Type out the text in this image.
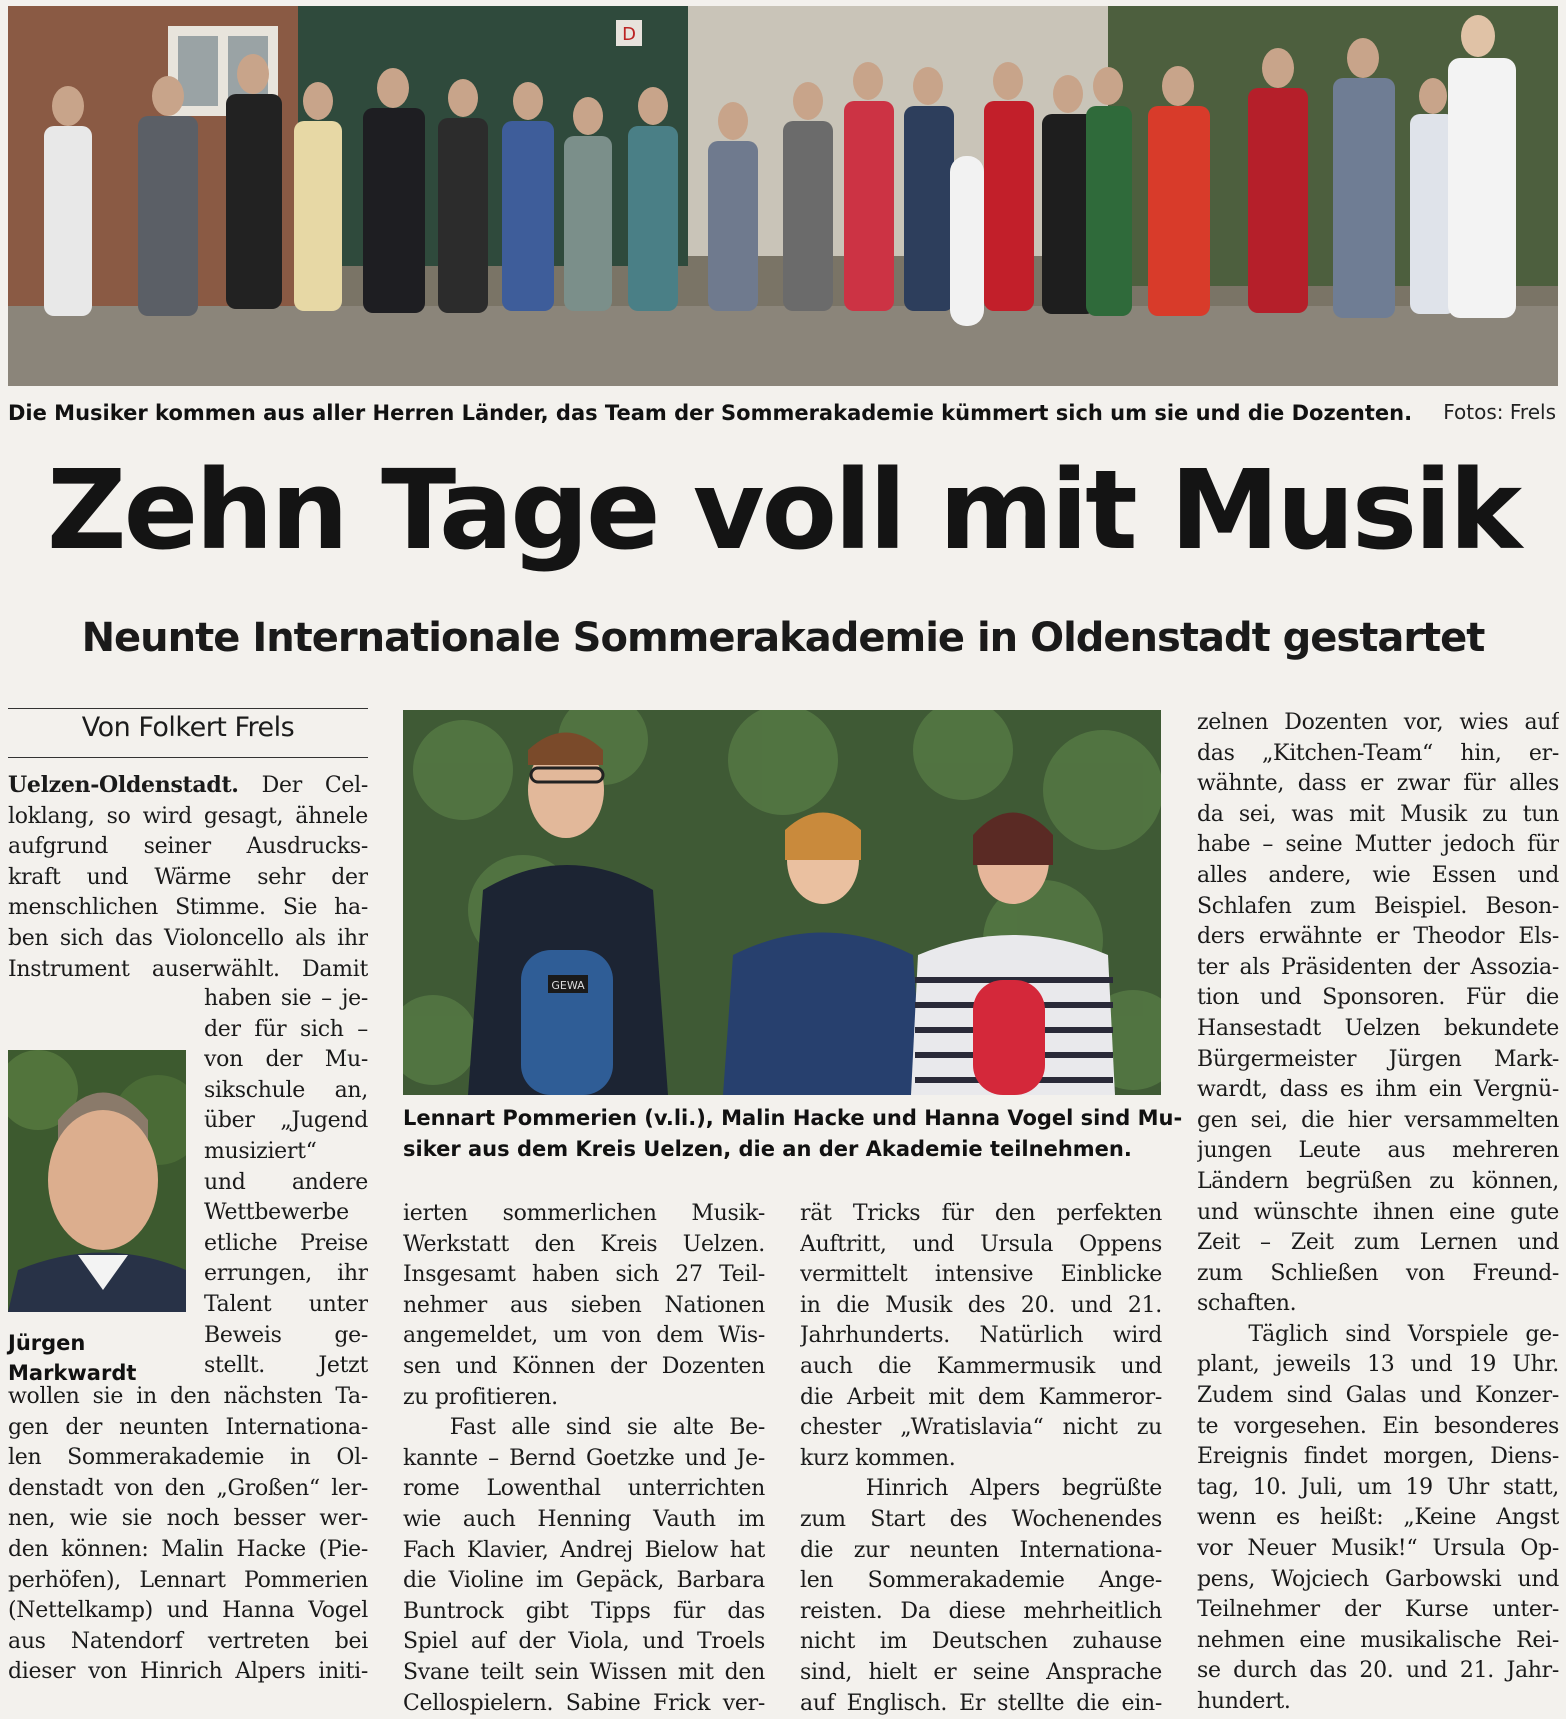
D
Die Musiker kommen aus aller Herren Länder, das Team der Sommerakademie kümmert sich um sie und die Dozenten. Fotos: Frels
Zehn Tage voll mit Musik
Neunte Internationale Sommerakademie in Oldenstadt gestartet
Von Folkert Frels
GEWA
Lennart Pommerien (v.li.), Malin Hacke und Hanna Vogel sind Mu-
siker aus dem Kreis Uelzen, die an der Akademie teilnehmen.
Jürgen
Markwardt
Uelzen-Oldenstadt. Der Cel-
loklang, so wird gesagt, ähnele
aufgrund seiner Ausdrucks-
kraft und Wärme sehr der
menschlichen Stimme. Sie ha-
ben sich das Violoncello als ihr
Instrument auserwählt. Damit
haben sie – je-
der für sich –
von der Mu-
sikschule an,
über „Jugend
musiziert“
und andere
Wettbewerbe
etliche Preise
errungen, ihr
Talent unter
Beweis ge-
stellt. Jetzt
wollen sie in den nächsten Ta-
gen der neunten Internationa-
len Sommerakademie in Ol-
denstadt von den „Großen“ ler-
nen, wie sie noch besser wer-
den können: Malin Hacke (Pie-
perhöfen), Lennart Pommerien
(Nettelkamp) und Hanna Vogel
aus Natendorf vertreten bei
dieser von Hinrich Alpers initi-
ierten sommerlichen Musik-
Werkstatt den Kreis Uelzen.
Insgesamt haben sich 27 Teil-
nehmer aus sieben Nationen
angemeldet, um von dem Wis-
sen und Können der Dozenten
zu profitieren.
Fast alle sind sie alte Be-
kannte – Bernd Goetzke und Je-
rome Lowenthal unterrichten
wie auch Henning Vauth im
Fach Klavier, Andrej Bielow hat
die Violine im Gepäck, Barbara
Buntrock gibt Tipps für das
Spiel auf der Viola, und Troels
Svane teilt sein Wissen mit den
Cellospielern. Sabine Frick ver-
rät Tricks für den perfekten
Auftritt, und Ursula Oppens
vermittelt intensive Einblicke
in die Musik des 20. und 21.
Jahrhunderts. Natürlich wird
auch die Kammermusik und
die Arbeit mit dem Kammeror-
chester „Wratislavia“ nicht zu
kurz kommen.
Hinrich Alpers begrüßte
zum Start des Wochenendes
die zur neunten Internationa-
len Sommerakademie Ange-
reisten. Da diese mehrheitlich
nicht im Deutschen zuhause
sind, hielt er seine Ansprache
auf Englisch. Er stellte die ein-
zelnen Dozenten vor, wies auf
das „Kitchen-Team“ hin, er-
wähnte, dass er zwar für alles
da sei, was mit Musik zu tun
habe – seine Mutter jedoch für
alles andere, wie Essen und
Schlafen zum Beispiel. Beson-
ders erwähnte er Theodor Els-
ter als Präsidenten der Assozia-
tion und Sponsoren. Für die
Hansestadt Uelzen bekundete
Bürgermeister Jürgen Mark-
wardt, dass es ihm ein Vergnü-
gen sei, die hier versammelten
jungen Leute aus mehreren
Ländern begrüßen zu können,
und wünschte ihnen eine gute
Zeit – Zeit zum Lernen und
zum Schließen von Freund-
schaften.
Täglich sind Vorspiele ge-
plant, jeweils 13 und 19 Uhr.
Zudem sind Galas und Konzer-
te vorgesehen. Ein besonderes
Ereignis findet morgen, Diens-
tag, 10. Juli, um 19 Uhr statt,
wenn es heißt: „Keine Angst
vor Neuer Musik!“ Ursula Op-
pens, Wojciech Garbowski und
Teilnehmer der Kurse unter-
nehmen eine musikalische Rei-
se durch das 20. und 21. Jahr-
hundert.
